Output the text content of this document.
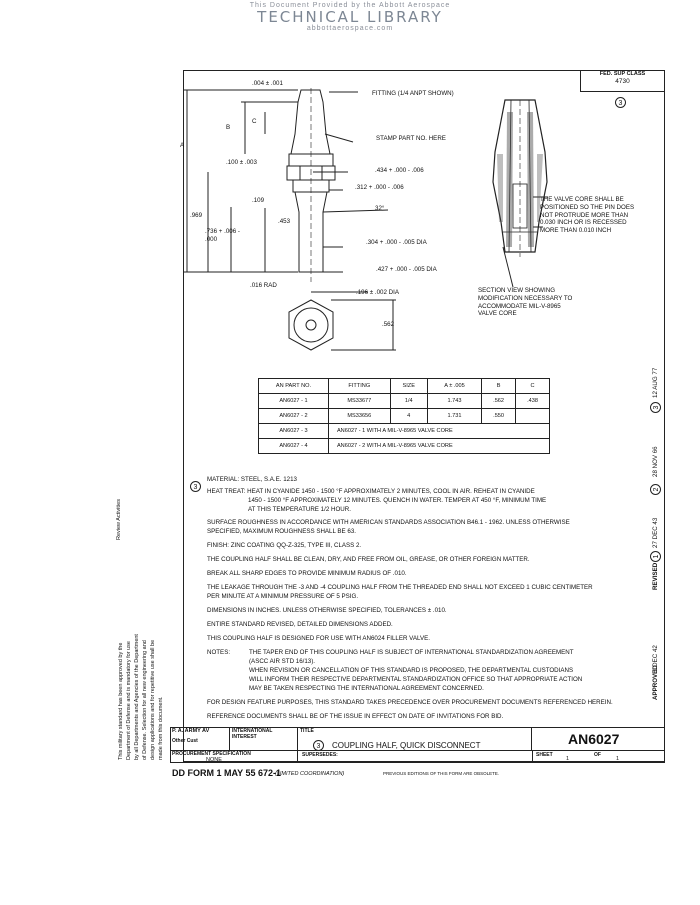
This Document Provided by the Abbott Aerospace
TECHNICAL LIBRARY
abbottaerospace.com
FED. SUP CLASS
4730
3
.004 ± .001
FITTING (1/4 ANPT SHOWN)
STAMP PART NO. HERE
A
B
C
.100 ± .003
.434 + .000 - .006
.312 + .000 - .006
.109
.969
.453
32°
.736 + .006 - .000	.304 + .000 - .005 DIA
.427 + .000 - .005 DIA
.016 RAD
.196 ± .002 DIA
.562
THE VALVE CORE SHALL BE POSITIONED SO THE PIN DOES NOT PROTRUDE MORE THAN 0.030 INCH OR IS RECESSED MORE THAN 0.010 INCH
SECTION VIEW SHOWING MODIFICATION NECESSARY TO ACCOMMODATE MIL-V-8965 VALVE CORE
AN PART NO.	FITTING	SIZE	A ± .005	B	C
AN6027 - 1	MS33677	1/4	1.743	.562	.438
AN6027 - 2	MS33656	4	1.731	.550	
AN6027 - 3	AN6027 - 1 WITH A MIL-V-8965 VALVE CORE				
AN6027 - 4	AN6027 - 2 WITH A MIL-V-8965 VALVE CORE				
3
MATERIAL: STEEL, S.A.E. 1213
HEAT TREAT: HEAT IN CYANIDE 1450 - 1500 °F APPROXIMATELY 2 MINUTES, COOL IN AIR. REHEAT IN CYANIDE
1450 - 1500 °F APPROXIMATELY 12 MINUTES. QUENCH IN WATER. TEMPER AT 450 °F, MINIMUM TIME
AT THIS TEMPERATURE 1/2 HOUR.
SURFACE ROUGHNESS IN ACCORDANCE WITH AMERICAN STANDARDS ASSOCIATION B46.1 - 1962. UNLESS OTHERWISE
SPECIFIED, MAXIMUM ROUGHNESS SHALL BE 63.
FINISH: ZINC COATING QQ-Z-325, TYPE III, CLASS 2.
THE COUPLING HALF SHALL BE CLEAN, DRY, AND FREE FROM OIL, GREASE, OR OTHER FOREIGN MATTER.
BREAK ALL SHARP EDGES TO PROVIDE MINIMUM RADIUS OF .010.
THE LEAKAGE THROUGH THE -3 AND -4 COUPLING HALF FROM THE THREADED END SHALL NOT EXCEED 1 CUBIC CENTIMETER
PER MINUTE AT A MINIMUM PRESSURE OF 5 PSIG.
DIMENSIONS IN INCHES. UNLESS OTHERWISE SPECIFIED, TOLERANCES ± .010.
ENTIRE STANDARD REVISED, DETAILED DIMENSIONS ADDED.
THIS COUPLING HALF IS DESIGNED FOR USE WITH AN6024 FILLER VALVE.
NOTES:	THE TAPER END OF THIS COUPLING HALF IS SUBJECT OF INTERNATIONAL STANDARDIZATION AGREEMENT
(ASCC AIR STD 16/13).
WHEN REVISION OR CANCELLATION OF THIS STANDARD IS PROPOSED, THE DEPARTMENTAL CUSTODIANS
WILL INFORM THEIR RESPECTIVE DEPARTMENTAL STANDARDIZATION OFFICE SO THAT APPROPRIATE ACTION
MAY BE TAKEN RESPECTING THE INTERNATIONAL AGREEMENT CONCERNED.
FOR DESIGN FEATURE PURPOSES, THIS STANDARD TAKES PRECEDENCE OVER PROCUREMENT DOCUMENTS REFERENCED HEREIN.
REFERENCE DOCUMENTS SHALL BE OF THE ISSUE IN EFFECT ON DATE OF INVITATIONS FOR BID.
P. A. ARMY AV
Other Cust
INTERNATIONAL INTEREST
TITLE
3	COUPLING HALF, QUICK DISCONNECT	AN6027
PROCUREMENT SPECIFICATION
NONE
SUPERSEDES:	SHEET
1
OF
1
APPROVED
1 DEC 42
REVISED
1
27 DEC 43
2
28 NOV 66
3
12 AUG 77
Review Activities
This military standard has been approved by the Department of Defense and is mandatory for use by all Departments and Agencies of the Department of Defense. Selection for all new engineering and design applications and for repetitive use shall be made from this document.
DD FORM 1 MAY 55 672-1
(LIMITED COORDINATION)	PREVIOUS EDITIONS OF THIS FORM ARE OBSOLETE.
